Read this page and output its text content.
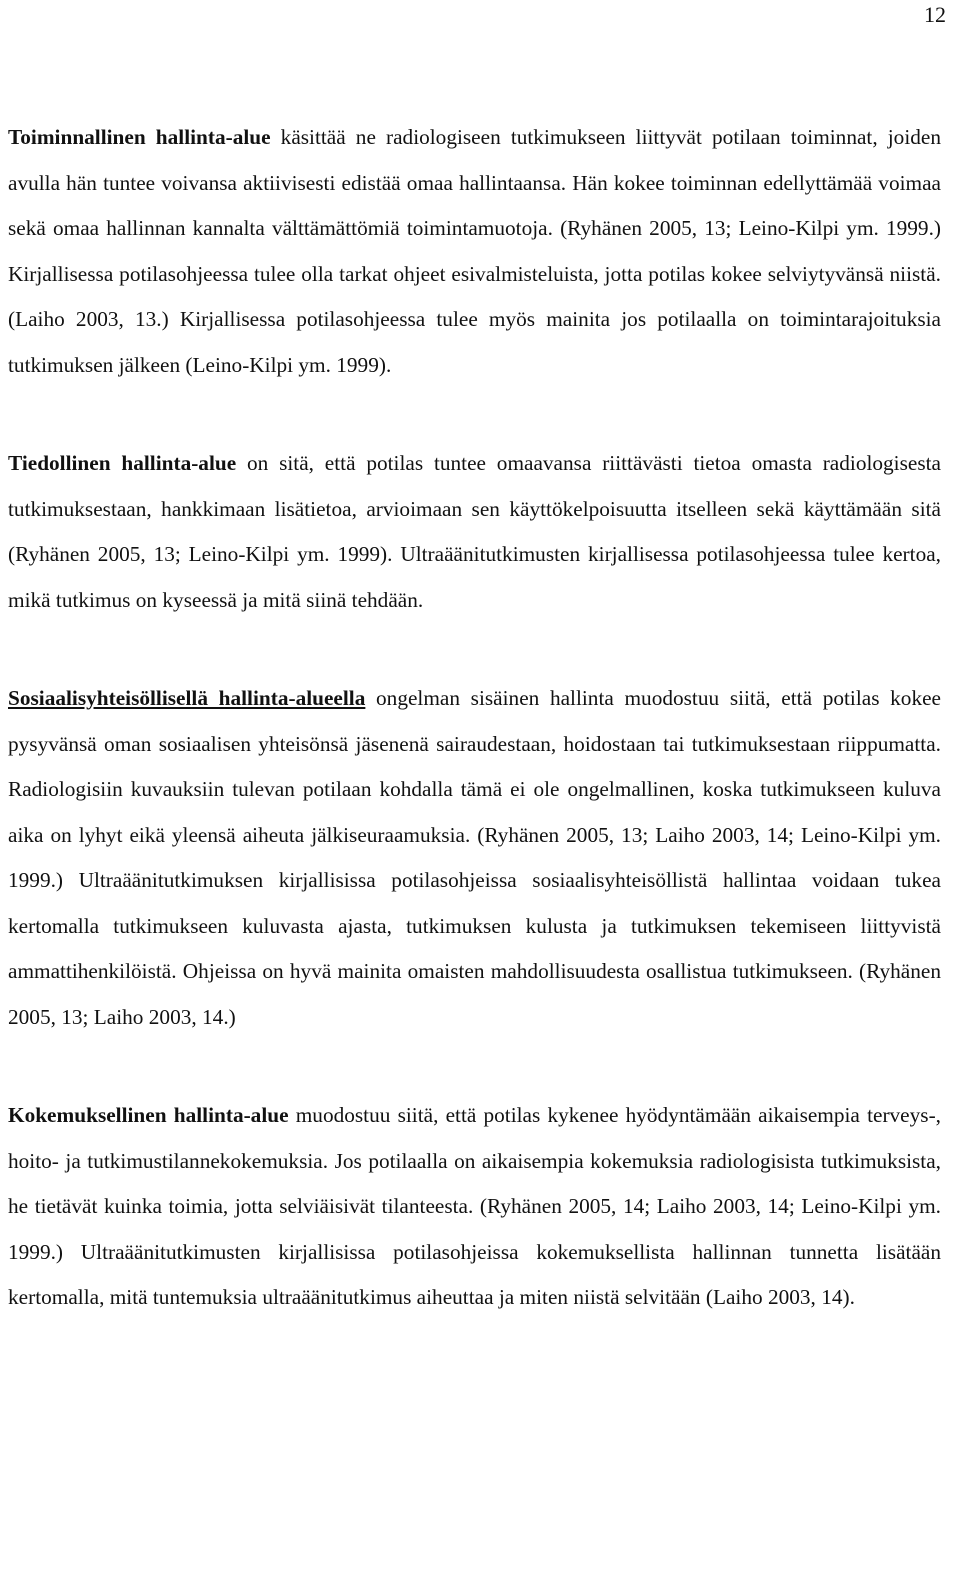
12

Toiminnallinen hallinta-alue käsittää ne radiologiseen tutkimukseen liittyvät potilaan toiminnat, joiden avulla hän tuntee voivansa aktiivisesti edistää omaa hallintaansa. Hän kokee toiminnan edellyttämää voimaa sekä omaa hallinnan kannalta välttämättömiä toimintamuotoja. (Ryhänen 2005, 13; Leino-Kilpi ym. 1999.) Kirjallisessa potilasohjeessa tulee olla tarkat ohjeet esivalmisteluista, jotta potilas kokee selviytyvänsä niistä. (Laiho 2003, 13.) Kirjallisessa potilasohjeessa tulee myös mainita jos potilaalla on toimintarajoituksia tutkimuksen jälkeen (Leino-Kilpi ym. 1999).

Tiedollinen hallinta-alue on sitä, että potilas tuntee omaavansa riittävästi tietoa omasta radiologisesta tutkimuksestaan, hankkimaan lisätietoa, arvioimaan sen käyttökelpoisuutta itselleen sekä käyttämään sitä (Ryhänen 2005, 13; Leino-Kilpi ym. 1999). Ultraäänitutkimusten kirjallisessa potilasohjeessa tulee kertoa, mikä tutkimus on kyseessä ja mitä siinä tehdään.

Sosiaalisyhteisöllisellä hallinta-alueella ongelman sisäinen hallinta muodostuu siitä, että potilas kokee pysyvänsä oman sosiaalisen yhteisönsä jäsenenä sairaudestaan, hoidostaan tai tutkimuksestaan riippumatta. Radiologisiin kuvauksiin tulevan potilaan kohdalla tämä ei ole ongelmallinen, koska tutkimukseen kuluva aika on lyhyt eikä yleensä aiheuta jälkiseuraamuksia. (Ryhänen 2005, 13; Laiho 2003, 14; Leino-Kilpi ym. 1999.) Ultraäänitutkimuksen kirjallisissa potilasohjeissa sosiaalisyhteisöllistä hallintaa voidaan tukea kertomalla tutkimukseen kuluvasta ajasta, tutkimuksen kulusta ja tutkimuksen tekemiseen liittyvistä ammattihenkilöistä. Ohjeissa on hyvä mainita omaisten mahdollisuudesta osallistua tutkimukseen. (Ryhänen 2005, 13; Laiho 2003, 14.)

Kokemuksellinen hallinta-alue muodostuu siitä, että potilas kykenee hyödyntämään aikaisempia terveys-, hoito- ja tutkimustilannekokemuksia. Jos potilaalla on aikaisempia kokemuksia radiologisista tutkimuksista, he tietävät kuinka toimia, jotta selviäisivät tilanteesta. (Ryhänen 2005, 14; Laiho 2003, 14; Leino-Kilpi ym. 1999.) Ultraäänitutkimusten kirjallisissa potilasohjeissa kokemuksellista hallinnan tunnetta lisätään kertomalla, mitä tuntemuksia ultraäänitutkimus aiheuttaa ja miten niistä selvitään (Laiho 2003, 14).
